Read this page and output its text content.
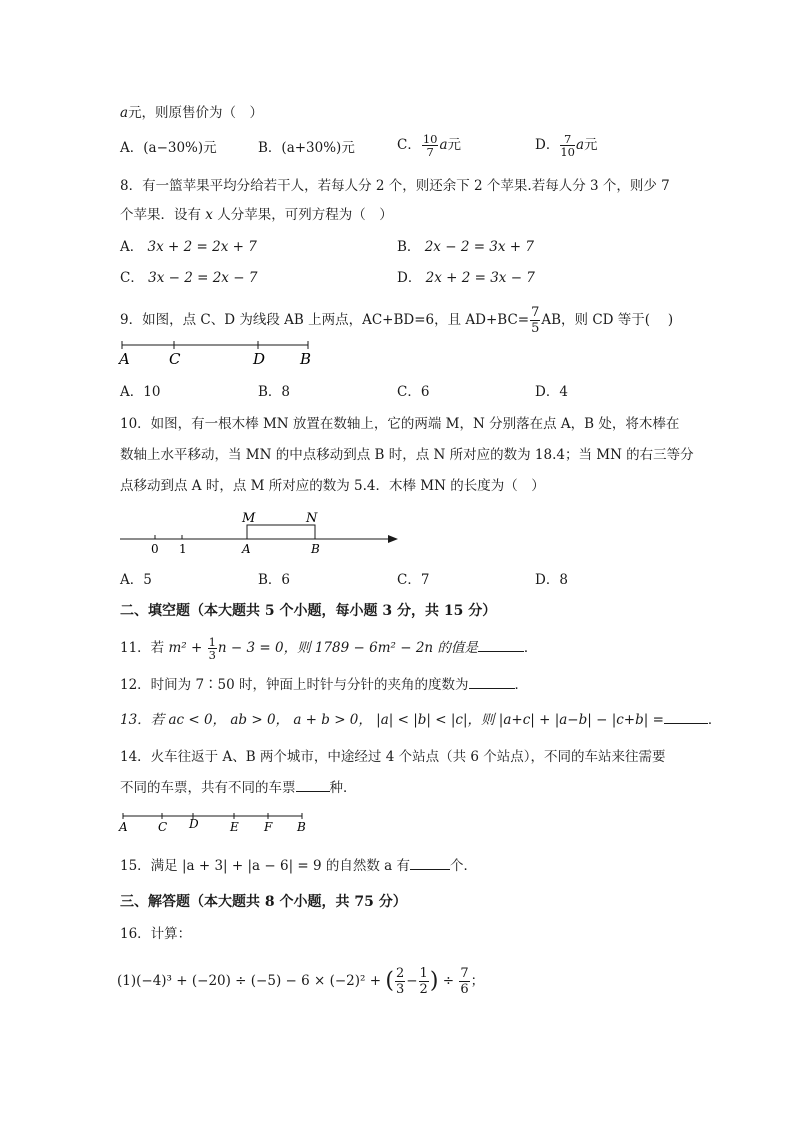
a元，则原售价为（　）
A．(a−30%)元	B．(a+30%)元	C． $\frac{10}{7}$ a元	D． $\frac{7}{10}$ a元
8．有一篮苹果平均分给若干人，若每人分 2 个，则还余下 2 个苹果.若每人分 3 个，则少 7
个苹果．设有 x 人分苹果，可列方程为（　）
A． 3x + 2 = 2x + 7	B． 2x − 2 = 3x + 7
C． 3x − 2 = 2x − 7	D． 2x + 2 = 3x − 7
9．如图，点 C、D 为线段 AB 上两点，AC+BD=6，且 $AD+BC= \frac{7}{5}$ AB，则 CD 等于(　 )
A	C	D B
A．10	B．8	C．6	D．4
10．如图，有一根木棒 MN 放置在数轴上，它的两端 M，N 分别落在点 A，B 处，将木棒在
数轴上水平移动，当 MN 的中点移动到点 B 时，点 N 所对应的数为 18.4；当 MN 的右三等分
点移动到点 A 时，点 M 所对应的数为 5.4．木棒 MN 的长度为（　）
M	N
0 1	A	B
A．5	B．6	C．7	D．8
二、填空题（本大题共 5 个小题，每小题 3 分，共 15 分）
11．若 $m^2 + \frac{1}{3}$ n − 3 = 0，则 1789 − 6m² − 2n 的值是	．
12．时间为 7∶50 时，钟面上时针与分针的夹角的度数为	．
13．若 ac < 0， ab > 0， a + b > 0， |a| < |b| < |c|，则 |a+c| + |a−b| − |c+b| =	．
14．火车往返于 A、B 两个城市，中途经过 4 个站点（共 6 个站点），不同的车站来往需要
不同的车票，共有不同的车票	种．
A	C D	E F B
15．满足 |a + 3| + |a − 6| = 9 的自然数 a 有	个．
三、解答题（本大题共 8 个小题，共 75 分）
16．计算：
(1)(−4)³ + (−20) ÷ (−5) − 6 × (−2)² + ( $\frac{2}{3} - \frac{1}{2}$ ) ÷ $\frac{7}{6}$ ；
